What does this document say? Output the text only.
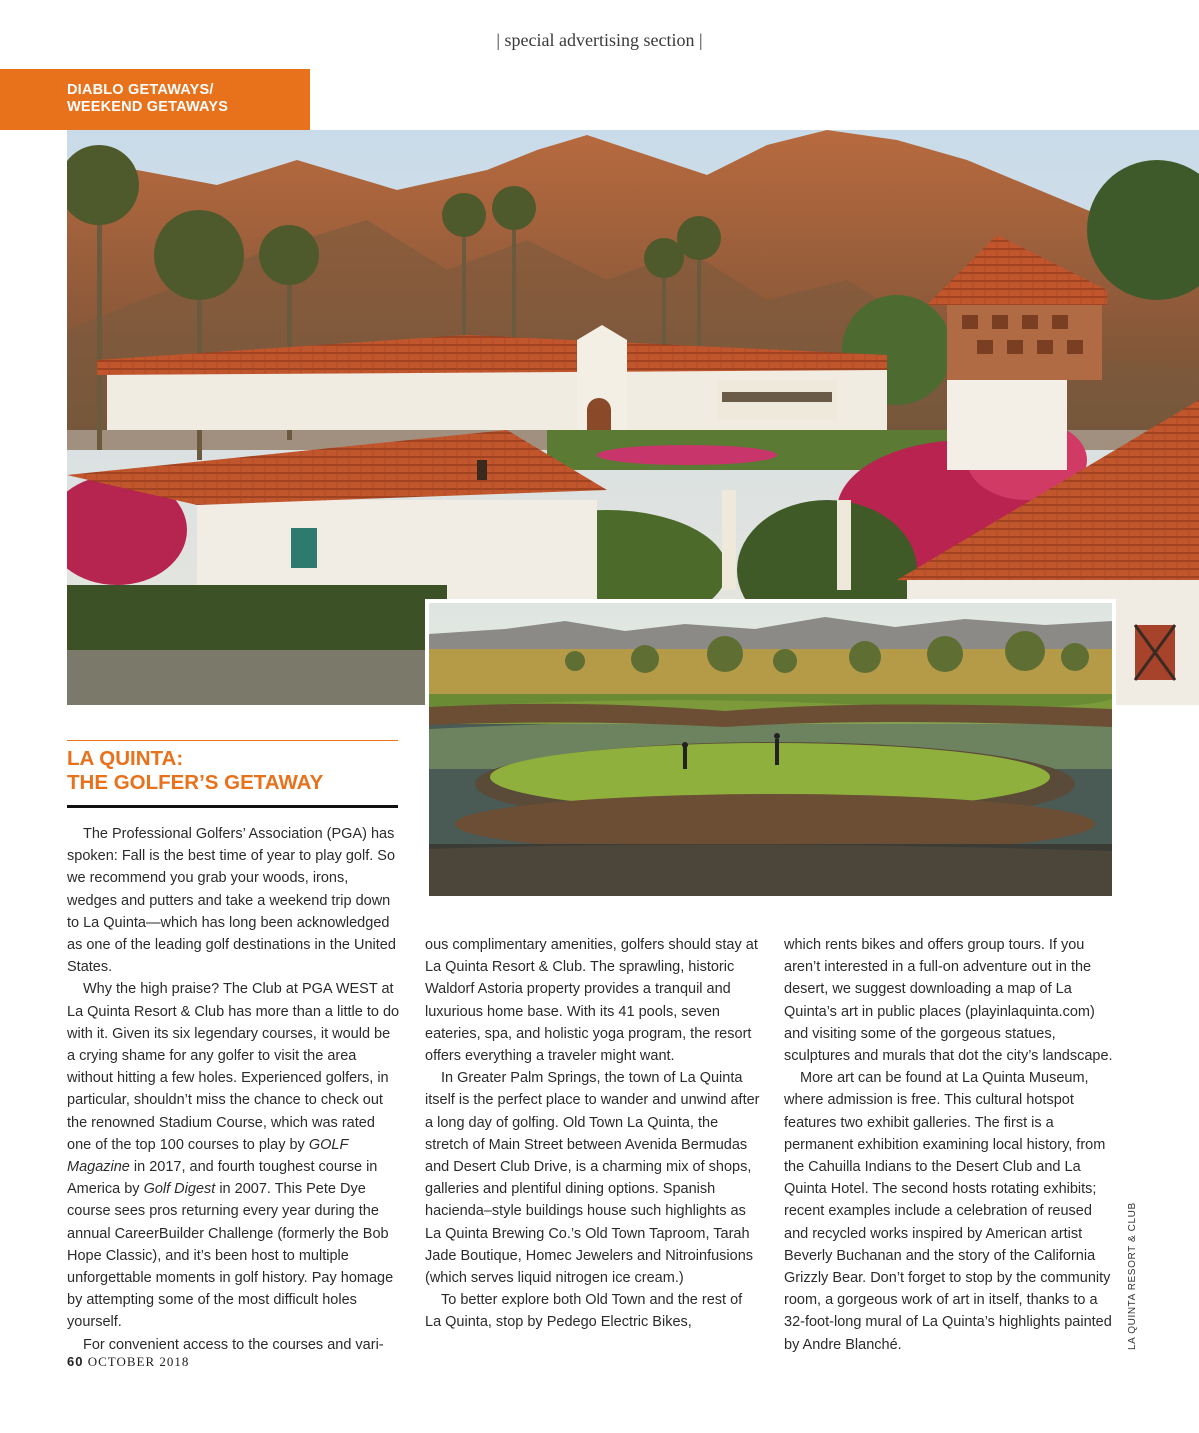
| special advertising section |
DIABLO GETAWAYS/
WEEKEND GETAWAYS
LA QUINTA RESORT & CLUB
LA QUINTA:
THE GOLFER’S GETAWAY

The Professional Golfers’ Association (PGA) has spoken: Fall is the best time of year to play golf. So we recommend you grab your woods, irons, wedges and putters and take a weekend trip down to La Quinta—which has long been acknowledged as one of the leading golf destinations in the United States.

Why the high praise? The Club at PGA WEST at La Quinta Resort & Club has more than a little to do with it. Given its six legendary courses, it would be a crying shame for any golfer to visit the area without hitting a few holes. Experienced golfers, in particular, shouldn’t miss the chance to check out the renowned Stadium Course, which was rated one of the top 100 courses to play by GOLF Magazine in 2017, and fourth toughest course in America by Golf Digest in 2007. This Pete Dye course sees pros returning every year during the annual CareerBuilder Challenge (formerly the Bob Hope Classic), and it’s been host to multiple unforgettable moments in golf history. Pay homage by attempting some of the most difficult holes yourself.

For convenient access to the courses and vari-

ous complimentary amenities, golfers should stay at La Quinta Resort & Club. The sprawling, historic Waldorf Astoria property provides a tranquil and luxurious home base. With its 41 pools, seven eateries, spa, and holistic yoga program, the resort offers everything a traveler might want.

In Greater Palm Springs, the town of La Quinta itself is the perfect place to wander and unwind after a long day of golfing. Old Town La Quinta, the stretch of Main Street between Avenida Bermudas and Desert Club Drive, is a charming mix of shops, galleries and plentiful dining options. Spanish hacienda–style buildings house such highlights as La Quinta Brewing Co.’s Old Town Taproom, Tarah Jade Boutique, Homec Jewelers and Nitroinfusions (which serves liquid nitrogen ice cream.)

To better explore both Old Town and the rest of La Quinta, stop by Pedego Electric Bikes,

which rents bikes and offers group tours. If you aren’t interested in a full-on adventure out in the desert, we suggest downloading a map of La Quinta’s art in public places (playinlaquinta.com) and visiting some of the gorgeous statues, sculptures and murals that dot the city’s landscape.

More art can be found at La Quinta Museum, where admission is free. This cultural hotspot features two exhibit galleries. The first is a permanent exhibition examining local history, from the Cahuilla Indians to the Desert Club and La Quinta Hotel. The second hosts rotating exhibits; recent examples include a celebration of reused and recycled works inspired by American artist Beverly Buchanan and the story of the California Grizzly Bear. Don’t forget to stop by the community room, a gorgeous work of art in itself, thanks to a 32-foot-long mural of La Quinta’s highlights painted by Andre Blanché.

60 OCTOBER 2018
